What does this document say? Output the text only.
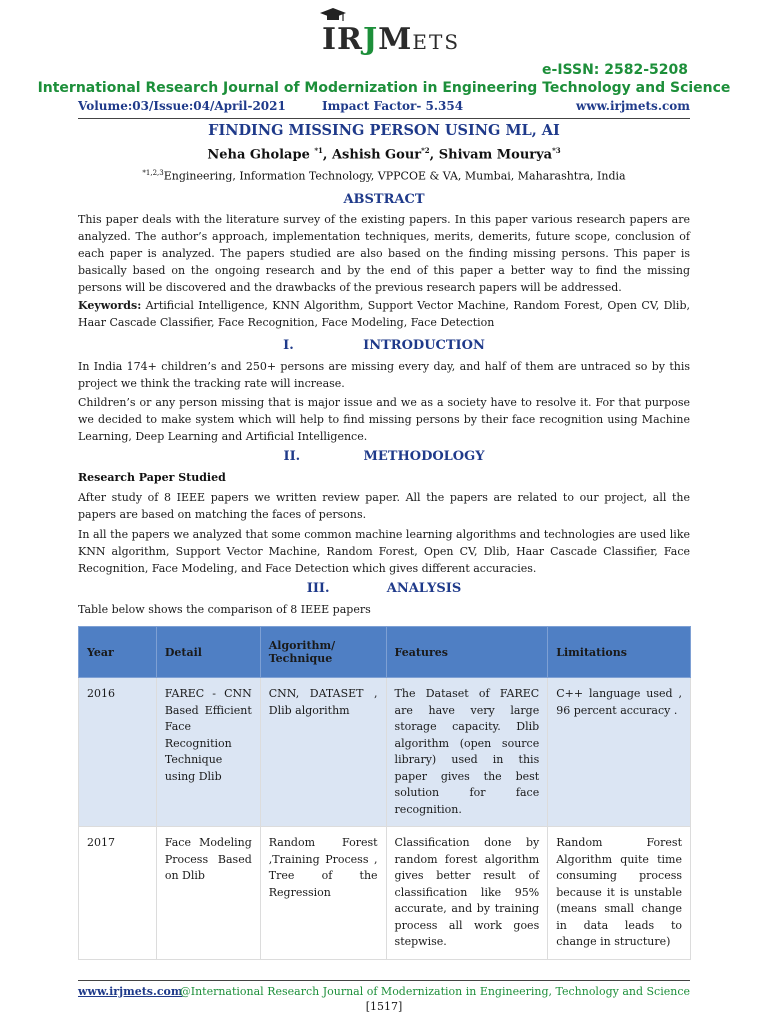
IRJMETS
e-ISSN: 2582-5208
International Research Journal of Modernization in Engineering Technology and Science
Volume:03/Issue:04/April-2021	Impact Factor- 5.354	www.irjmets.com
FINDING MISSING PERSON USING ML, AI
Neha Gholape $^{*1}$, Ashish Gour$^{*2}$, Shivam Mourya$^{*3}$
$^{*1,2,3}$Engineering, Information Technology, VPPCOE & VA, Mumbai, Maharashtra, India
ABSTRACT
This paper deals with the literature survey of the existing papers. In this paper various research papers are analyzed. The author’s approach, implementation techniques, merits, demerits, future scope, conclusion of each paper is analyzed. The papers studied are also based on the finding missing persons. This paper is basically based on the ongoing research and by the end of this paper a better way to find the missing persons will be discovered and the drawbacks of the previous research papers will be addressed.
Keywords: Artificial Intelligence, KNN Algorithm, Support Vector Machine, Random Forest, Open CV, Dlib, Haar Cascade Classifier, Face Recognition, Face Modeling, Face Detection
I.	INTRODUCTION
In India 174+ children’s and 250+ persons are missing every day, and half of them are untraced so by this project we think the tracking rate will increase.
Children’s or any person missing that is major issue and we as a society have to resolve it. For that purpose we decided to make system which will help to find missing persons by their face recognition using Machine Learning, Deep Learning and Artificial Intelligence.
II.	METHODOLOGY
Research Paper Studied
After study of 8 IEEE papers we written review paper. All the papers are related to our project, all the papers are based on matching the faces of persons.
In all the papers we analyzed that some common machine learning algorithms and technologies are used like KNN algorithm, Support Vector Machine, Random Forest, Open CV, Dlib, Haar Cascade Classifier, Face Recognition, Face Modeling, and Face Detection which gives different accuracies.
III.	ANALYSIS
Table below shows the comparison of 8 IEEE papers
Year	Detail	Algorithm/ Technique	Features	Limitations
2016	FAREC - CNN Based Efficient Face Recognition Technique using Dlib	CNN, DATASET , Dlib algorithm	The Dataset of FAREC are have very large storage capacity. Dlib algorithm (open source library) used in this paper gives the best solution for face recognition.	C++ language used , 96 percent accuracy .
2017	Face Modeling Process Based on Dlib	Random Forest ,Training Process , Tree of the Regression	Classification done by random forest algorithm gives better result of classification like 95% accurate, and by training process all work goes stepwise.	Random Forest Algorithm quite time consuming process because it is unstable (means small change in data leads to change in structure)
www.irjmets.com
@International Research Journal of Modernization in Engineering, Technology and Science
[1517]
